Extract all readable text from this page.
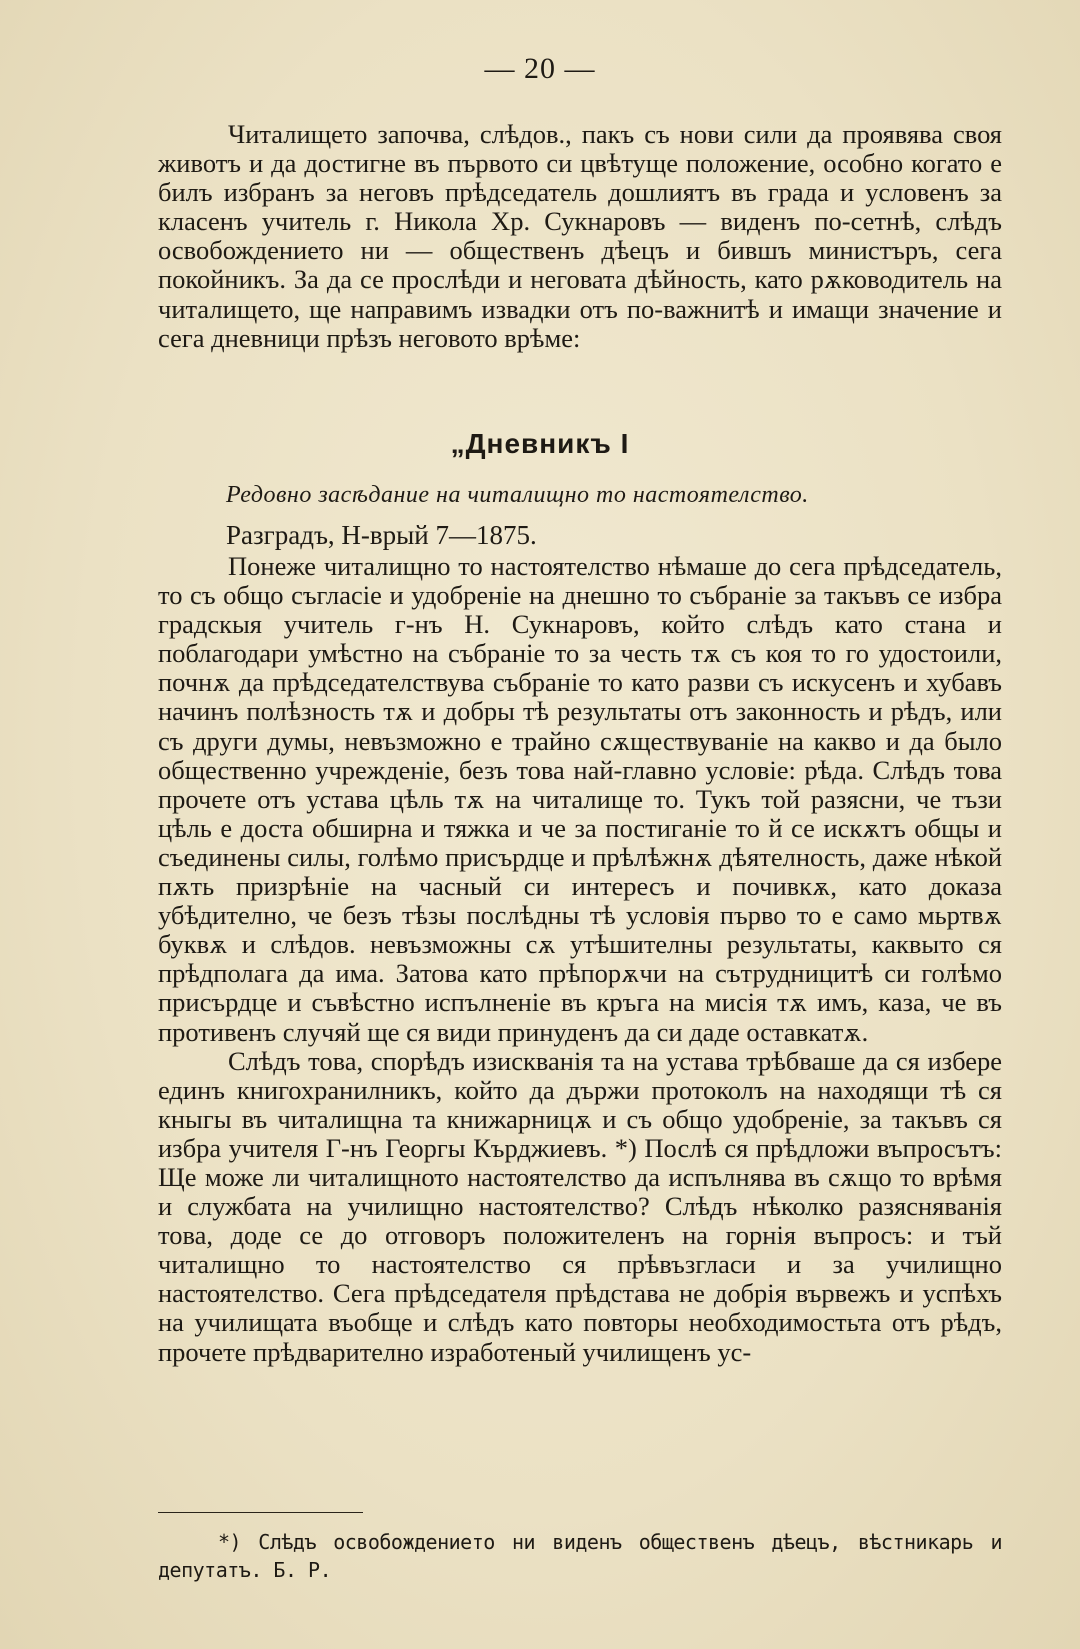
— 20 —

Читалището започва, слѣдов., пакъ съ нови сили да проявява своя животъ и да достигне въ първото си цвѣтуще положение, особно когато е билъ избранъ за неговъ прѣдседатель дошлиятъ въ града и условенъ за класенъ учитель г. Никола Хр. Сукнаровъ — виденъ по-сетнѣ, слѣдъ освобождението ни — общественъ дѣецъ и бившъ министъръ, сега покойникъ. За да се прослѣди и неговата дѣйность, като рѫководитель на читалището, ще направимъ извадки отъ по-важнитѣ и имащи значение и сега дневници прѣзъ неговото врѣме:

„Дневникъ I
Редовно засѣдание на читалищно то настоятелство.
Разградъ, Н-врый 7—1875.

Понеже читалищно то настоятелство нѣмаше до сега прѣдседатель, то съ общо съгласіе и удобреніе на днешно то събраніе за такъвъ се избра градскыя учитель г-нъ Н. Сукнаровъ, който слѣдъ като стана и поблагодари умѣстно на събраніе то за честь тѫ съ коя то го удостоили, почнѫ да прѣдседателствува събраніе то като разви съ искусенъ и хубавъ начинъ полѣзность тѫ и добры тѣ результаты отъ законность и рѣдъ, или съ други думы, невъзможно е трайно сѫществуваніе на какво и да было общественно учрежденіе, безъ това най-главно условіе: рѣда. Слѣдъ това прочете отъ устава цѣль тѫ на читалище то. Тукъ той разясни, че тъзи цѣль е доста обширна и тяжка и че за постиганіе то й се искѫтъ общы и съединены силы, голѣмо присърдце и прѣлѣжнѫ дѣятелность, даже нѣкой пѫть призрѣніе на часный си интересъ и почивкѫ, като доказа убѣдително, че безъ тѣзы послѣдны тѣ условія първо то е само мьртвѫ буквѫ и слѣдов. невъзможны сѫ утѣшителны результаты, каквыто ся прѣдполага да има. Затова като прѣпорѫчи на сътрудницитѣ си голѣмо присърдце и съвѣстно испълненіе въ кръга на мисія тѫ имъ, каза, че въ противенъ случяй ще ся види принуденъ да си даде оставкатѫ.

Слѣдъ това, спорѣдъ изискванія та на устава трѣбваше да ся избере единъ книгохранилникъ, който да държи протоколъ на находящи тѣ ся кныгы въ читалищна та книжарницѫ и съ общо удобреніе, за такъвъ ся избра учителя Г-нъ Георгы Кърджиевъ. *) Послѣ ся прѣдложи въпросътъ: Ще може ли читалищното настоятелство да испълнява въ сѫщо то врѣмя и службата на училищно настоятелство? Слѣдъ нѣколко разясняванія това, доде се до отговоръ положителенъ на горнія въпросъ: и тъй читалищно то настоятелство ся прѣвъзгласи и за училищно настоятелство. Сега прѣдседателя прѣдстава не добрія вървежъ и успѣхъ на училищата въобще и слѣдъ като повторы необходимостьта отъ рѣдъ, прочете прѣдварително изработеный училищенъ ус-

*) Слѣдъ освобождението ни виденъ общественъ дѣецъ, вѣстникарь и депутатъ. Б. Р.
